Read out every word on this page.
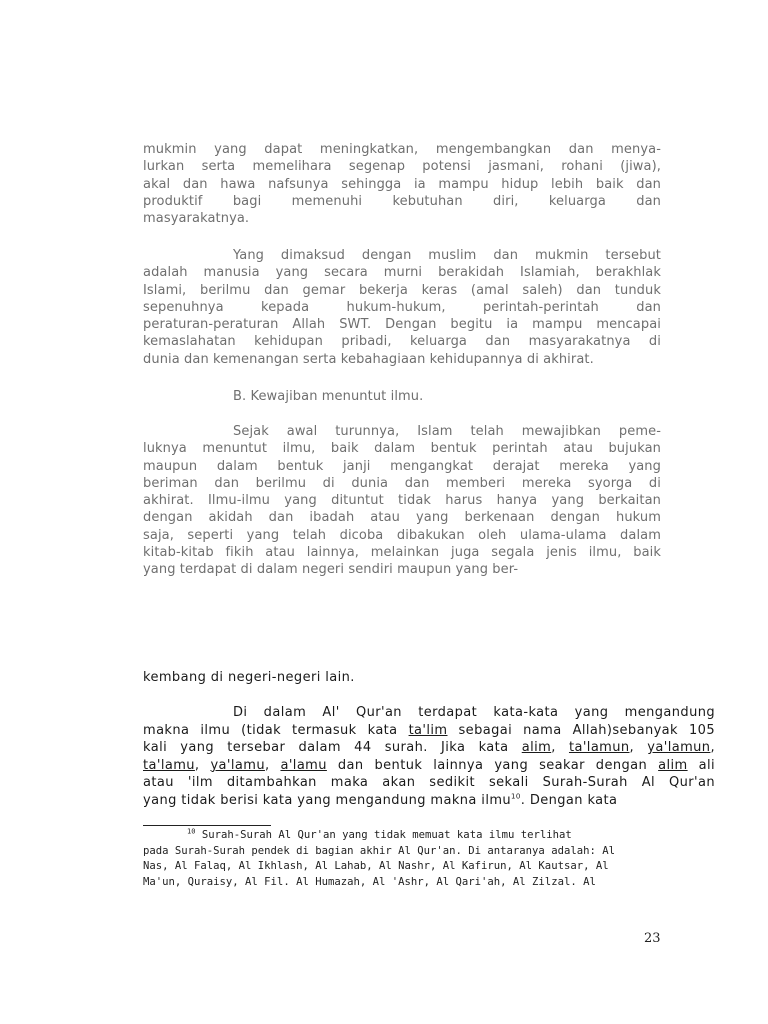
mukmin yang dapat meningkatkan, mengembangkan dan menya-
lurkan serta memelihara segenap potensi jasmani, rohani (jiwa),
akal dan hawa nafsunya sehingga ia mampu hidup lebih baik dan
produktif bagi memenuhi kebutuhan diri, keluarga dan
masyarakatnya.
Yang dimaksud dengan muslim dan mukmin tersebut
adalah manusia yang secara murni berakidah Islamiah, berakhlak
Islami, berilmu dan gemar bekerja keras (amal saleh) dan tunduk
sepenuhnya kepada hukum-hukum, perintah-perintah dan
peraturan-peraturan Allah SWT. Dengan begitu ia mampu mencapai
kemaslahatan kehidupan pribadi, keluarga dan masyarakatnya di
dunia dan kemenangan serta kebahagiaan kehidupannya di akhirat.
B. Kewajiban menuntut ilmu.
Sejak awal turunnya, Islam telah mewajibkan peme-
luknya menuntut ilmu, baik dalam bentuk perintah atau bujukan
maupun dalam bentuk janji mengangkat derajat mereka yang
beriman dan berilmu di dunia dan memberi mereka syorga di
akhirat. Ilmu-ilmu yang dituntut tidak harus hanya yang berkaitan
dengan akidah dan ibadah atau yang berkenaan dengan hukum
saja, seperti yang telah dicoba dibakukan oleh ulama-ulama dalam
kitab-kitab fikih atau lainnya, melainkan juga segala jenis ilmu, baik
yang terdapat di dalam negeri sendiri maupun yang ber-
kembang di negeri-negeri lain.
Di dalam Al' Qur'an terdapat kata-kata yang mengandung
makna ilmu (tidak termasuk kata ta'lim sebagai nama Allah)sebanyak 105
kali yang tersebar dalam 44 surah. Jika kata alim, ta'lamun, ya'lamun,
ta'lamu, ya'lamu, a'lamu dan bentuk lainnya yang seakar dengan alim ali
atau 'ilm ditambahkan maka akan sedikit sekali Surah-Surah Al Qur'an
yang tidak berisi kata yang mengandung makna ilmu$^{10}$. Dengan kata
$^{10}$ Surah-Surah Al Qur'an yang tidak memuat kata ilmu terlihat
pada Surah-Surah pendek di bagian akhir Al Qur'an. Di antaranya adalah: Al
Nas, Al Falaq, Al Ikhlash, Al Lahab, Al Nashr, Al Kafirun, Al Kautsar, Al
Ma'un, Quraisy, Al Fil. Al Humazah, Al 'Ashr, Al Qari'ah, Al Zilzal. Al
23
